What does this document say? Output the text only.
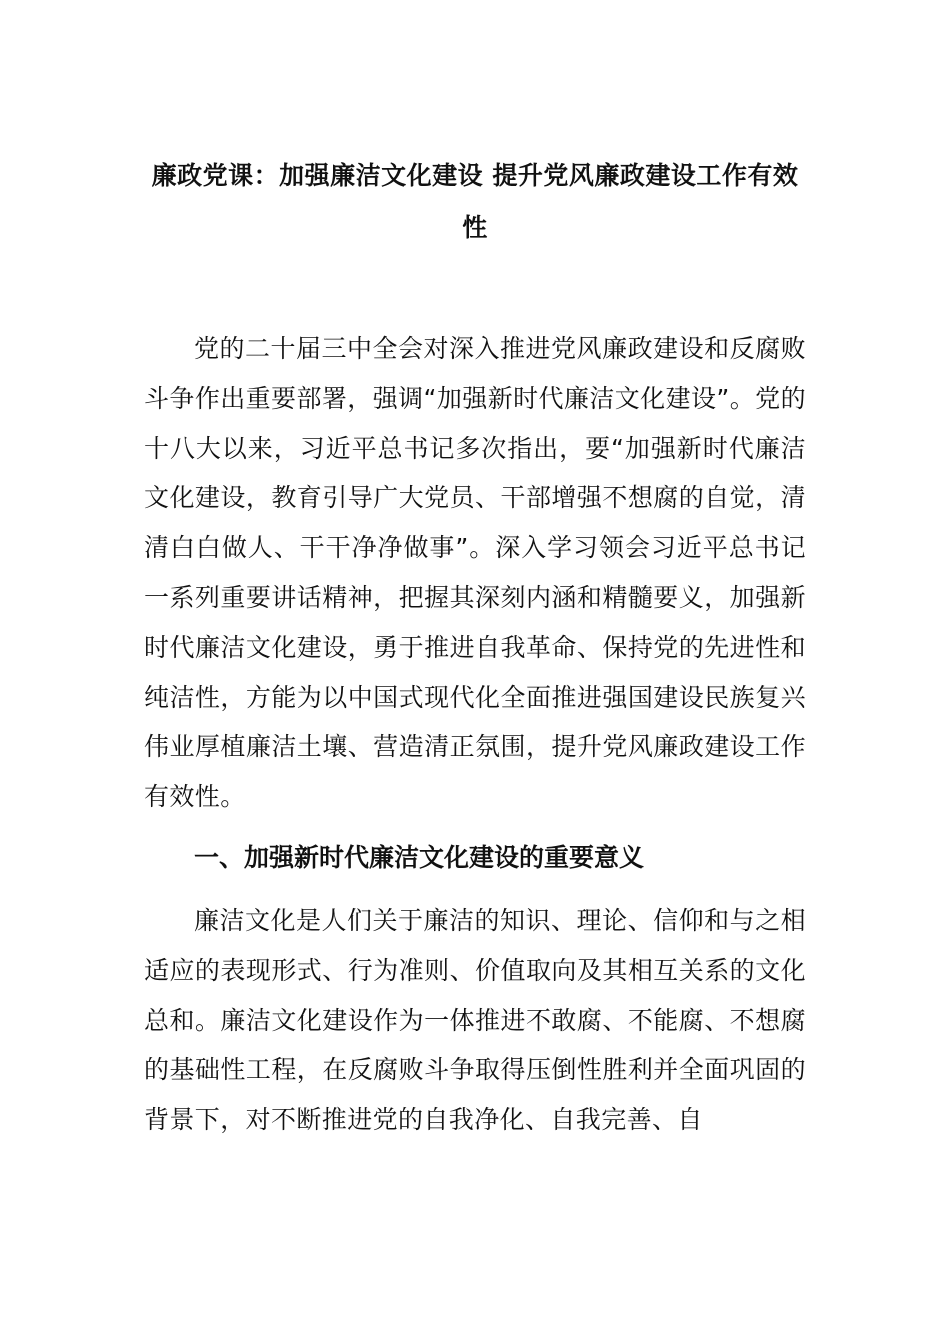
廉政党课：加强廉洁文化建设 提升党风廉政建设工作有效性

党的二十届三中全会对深入推进党风廉政建设和反腐败斗争作出重要部署，强调“加强新时代廉洁文化建设”。党的十八大以来，习近平总书记多次指出，要“加强新时代廉洁文化建设，教育引导广大党员、干部增强不想腐的自觉，清清白白做人、干干净净做事”。深入学习领会习近平总书记一系列重要讲话精神，把握其深刻内涵和精髓要义，加强新时代廉洁文化建设，勇于推进自我革命、保持党的先进性和纯洁性，方能为以中国式现代化全面推进强国建设民族复兴伟业厚植廉洁土壤、营造清正氛围，提升党风廉政建设工作有效性。

一、加强新时代廉洁文化建设的重要意义

廉洁文化是人们关于廉洁的知识、理论、信仰和与之相适应的表现形式、行为准则、价值取向及其相互关系的文化总和。廉洁文化建设作为一体推进不敢腐、不能腐、不想腐的基础性工程，在反腐败斗争取得压倒性胜利并全面巩固的背景下，对不断推进党的自我净化、自我完善、自
